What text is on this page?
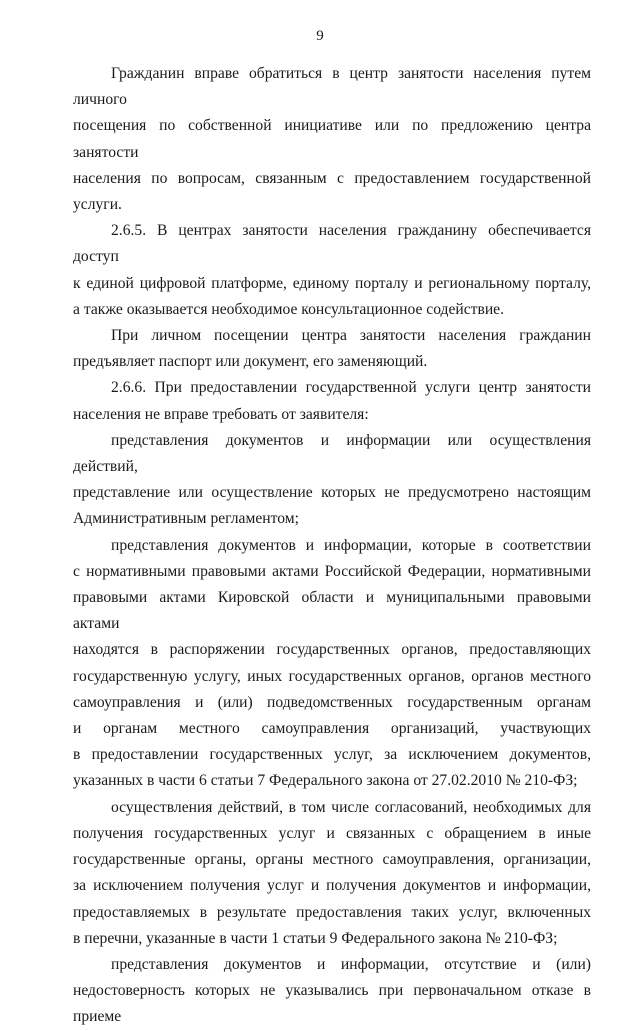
9
Гражданин вправе обратиться в центр занятости населения путем личного
посещения по собственной инициативе или по предложению центра занятости
населения по вопросам, связанным с предоставлением государственной услуги.
2.6.5. В центрах занятости населения гражданину обеспечивается доступ
к единой цифровой платформе, единому порталу и региональному порталу,
а также оказывается необходимое консультационное содействие.
При личном посещении центра занятости населения гражданин
предъявляет паспорт или документ, его заменяющий.
2.6.6. При предоставлении государственной услуги центр занятости
населения не вправе требовать от заявителя:
представления документов и информации или осуществления действий,
представление или осуществление которых не предусмотрено настоящим
Административным регламентом;
представления документов и информации, которые в соответствии
с нормативными правовыми актами Российской Федерации, нормативными
правовыми актами Кировской области и муниципальными правовыми актами
находятся в распоряжении государственных органов, предоставляющих
государственную услугу, иных государственных органов, органов местного
самоуправления и (или) подведомственных государственным органам
и органам местного самоуправления организаций, участвующих
в предоставлении государственных услуг, за исключением документов,
указанных в части 6 статьи 7 Федерального закона от 27.02.2010 № 210-ФЗ;
осуществления действий, в том числе согласований, необходимых для
получения государственных услуг и связанных с обращением в иные
государственные органы, органы местного самоуправления, организации,
за исключением получения услуг и получения документов и информации,
предоставляемых в результате предоставления таких услуг, включенных
в перечни, указанные в части 1 статьи 9 Федерального закона № 210-ФЗ;
представления документов и информации, отсутствие и (или)
недостоверность которых не указывались при первоначальном отказе в приеме
